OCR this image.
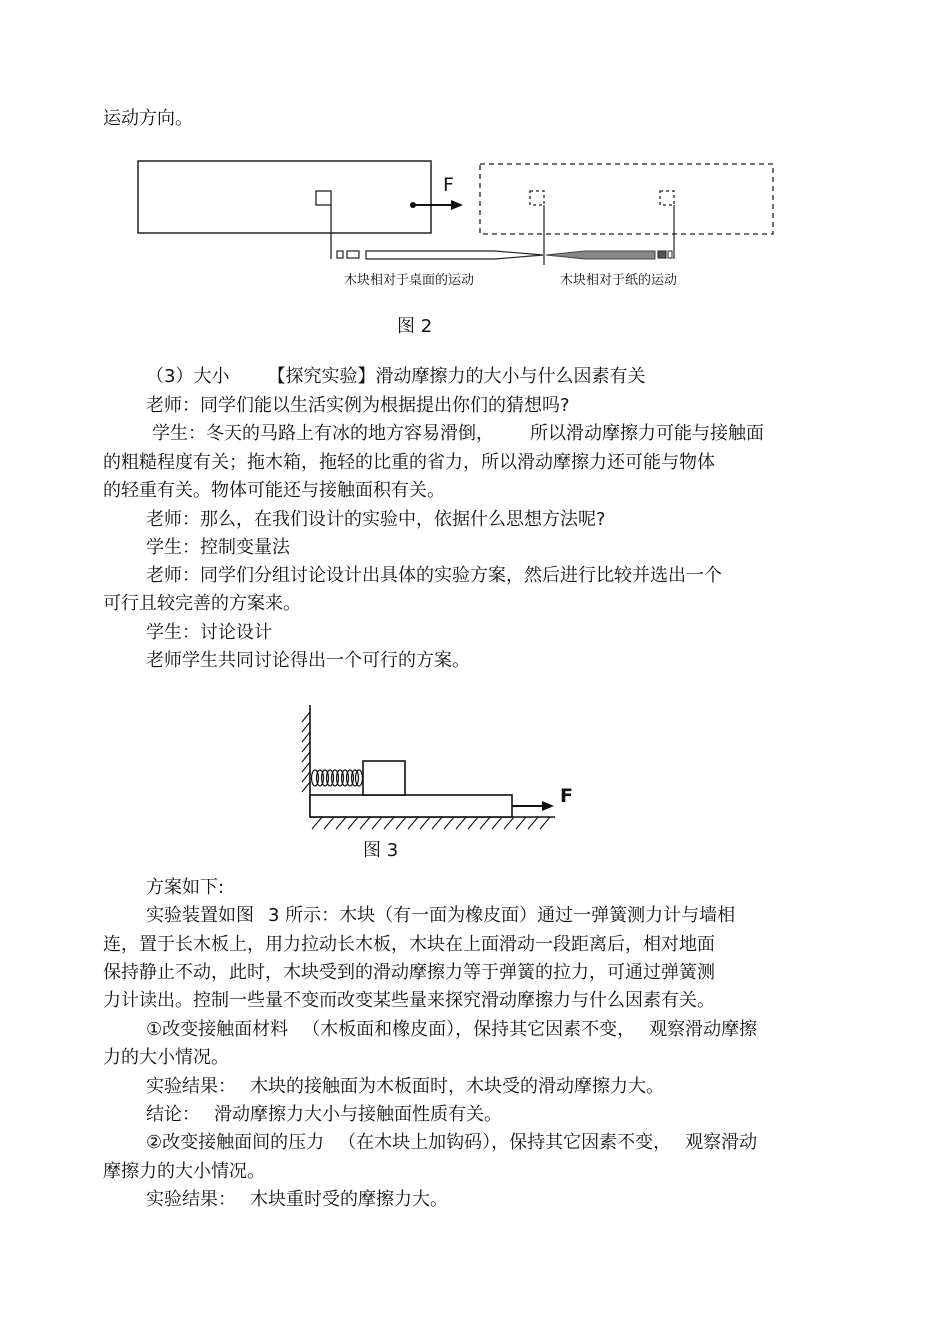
运动方向。
F
木块相对于桌面的运动	木块相对于纸的运动
图 2
（3）大小 【探究实验】滑动摩擦力的大小与什么因素有关
老师：同学们能以生活实例为根据提出你们的猜想吗?
学生：冬天的马路上有冰的地方容易滑倒， 所以滑动摩擦力可能与接触面
的粗糙程度有关；拖木箱，拖轻的比重的省力，所以滑动摩擦力还可能与物体
的轻重有关。物体可能还与接触面积有关。
老师：那么，在我们设计的实验中，依据什么思想方法呢?
学生：控制变量法
老师：同学们分组讨论设计出具体的实验方案，然后进行比较并选出一个
可行且较完善的方案来。
学生：讨论设计
老师学生共同讨论得出一个可行的方案。
F
图 3
方案如下:
实验装置如图 3 所示：木块（有一面为橡皮面）通过一弹簧测力计与墙相
连，置于长木板上，用力拉动长木板，木块在上面滑动一段距离后，相对地面
保持静止不动，此时，木块受到的滑动摩擦力等于弹簧的拉力，可通过弹簧测
力计读出。控制一些量不变而改变某些量来探究滑动摩擦力与什么因素有关。
①改变接触面材料 （木板面和橡皮面），保持其它因素不变， 观察滑动摩擦
力的大小情况。
实验结果： 木块的接触面为木板面时，木块受的滑动摩擦力大。
结论： 滑动摩擦力大小与接触面性质有关。
②改变接触面间的压力 （在木块上加钩码），保持其它因素不变， 观察滑动
摩擦力的大小情况。
实验结果： 木块重时受的摩擦力大。
